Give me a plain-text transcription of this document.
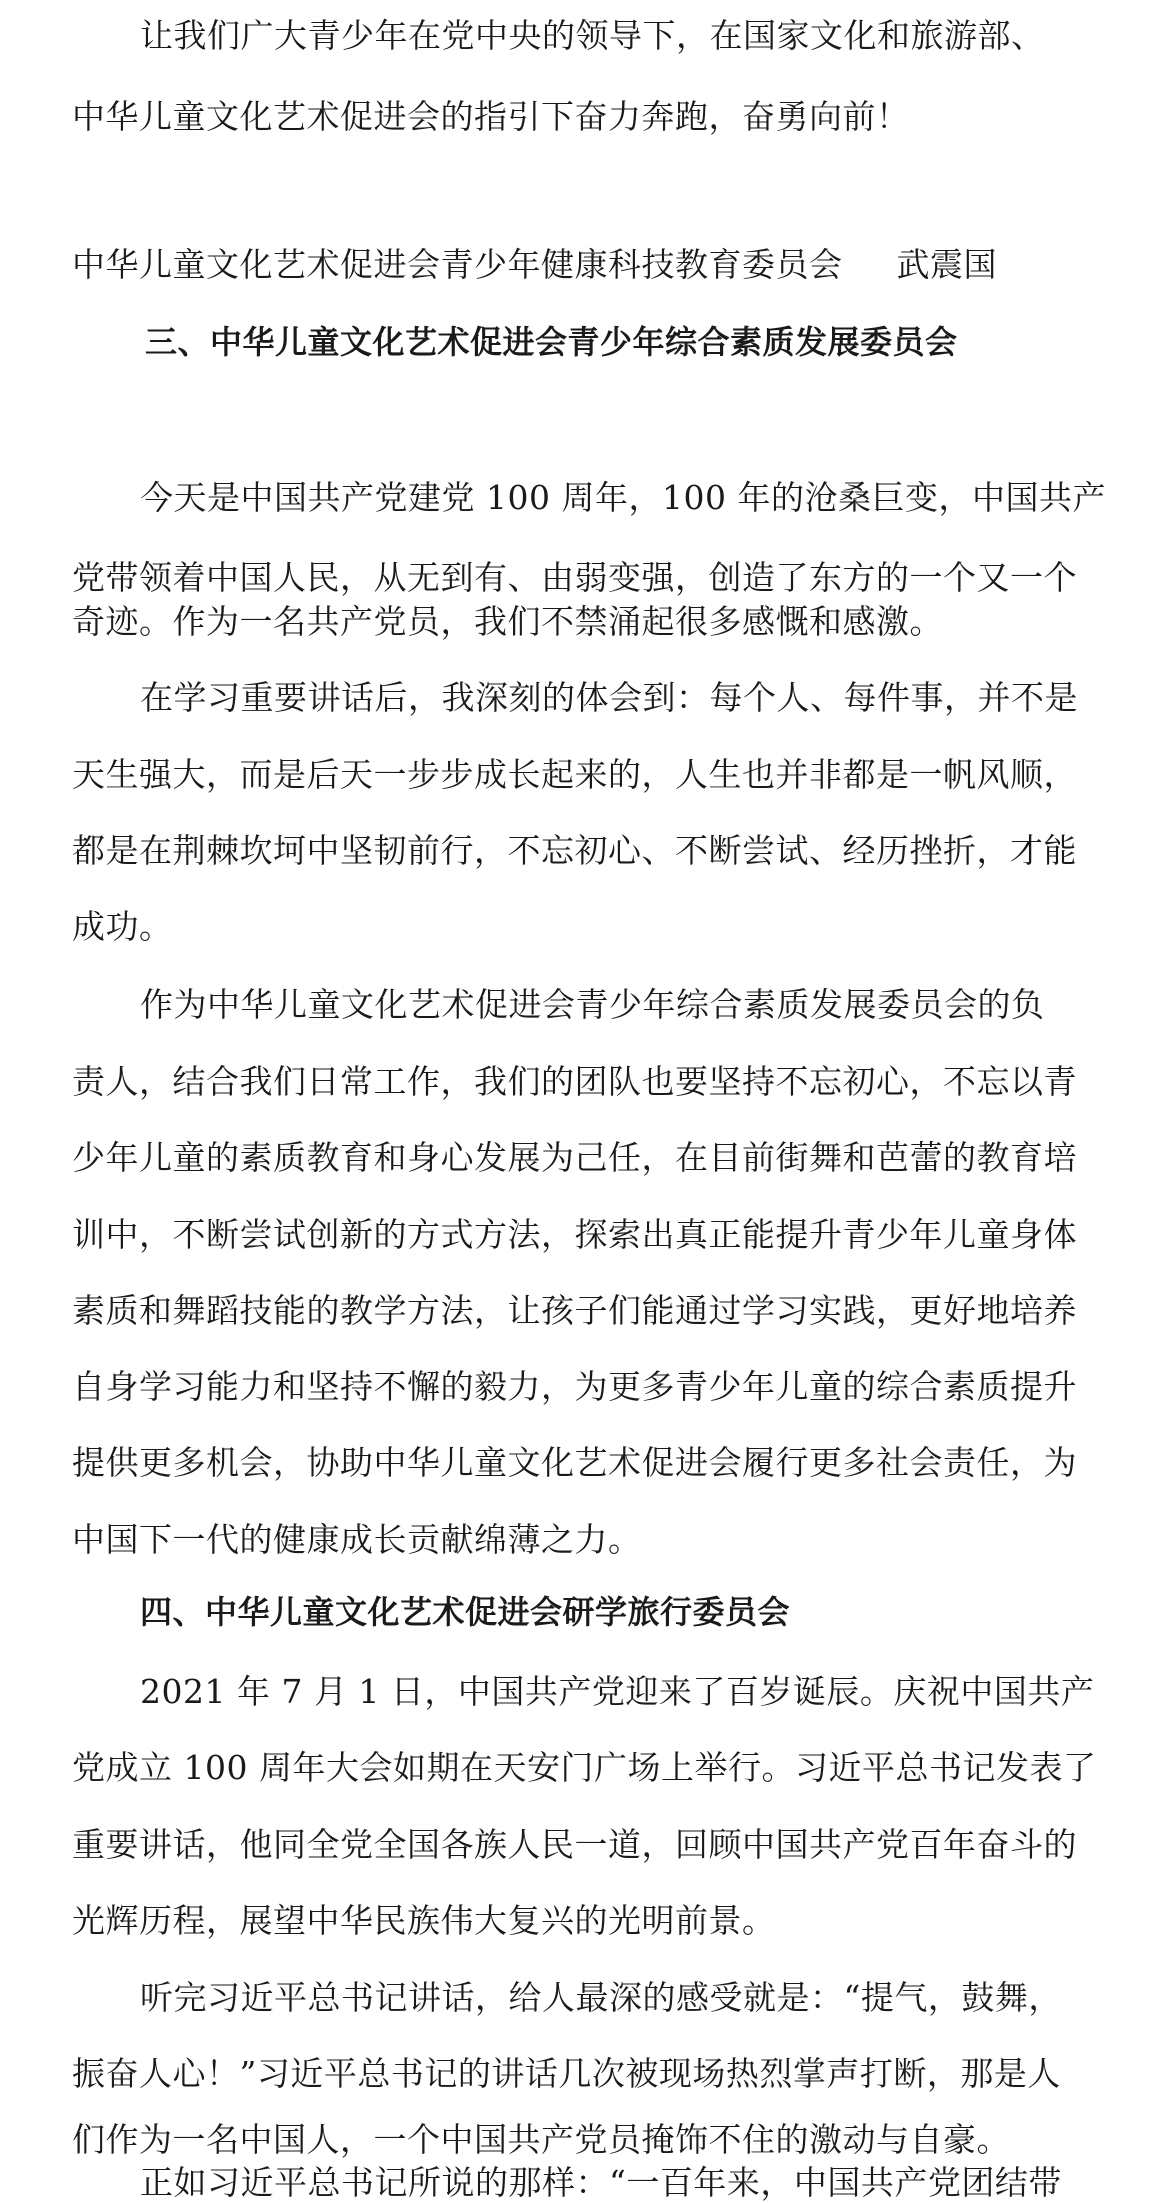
让我们广大青少年在党中央的领导下，在国家文化和旅游部、
中华儿童文化艺术促进会的指引下奋力奔跑，奋勇向前！
中华儿童文化艺术促进会青少年健康科技教育委员会 武震国
三、中华儿童文化艺术促进会青少年综合素质发展委员会
今天是中国共产党建党 100 周年，100 年的沧桑巨变，中国共产
党带领着中国人民，从无到有、由弱变强，创造了东方的一个又一个
奇迹。作为一名共产党员，我们不禁涌起很多感慨和感激。
在学习重要讲话后，我深刻的体会到：每个人、每件事，并不是
天生强大，而是后天一步步成长起来的，人生也并非都是一帆风顺，
都是在荆棘坎坷中坚韧前行，不忘初心、不断尝试、经历挫折，才能
成功。
作为中华儿童文化艺术促进会青少年综合素质发展委员会的负
责人，结合我们日常工作，我们的团队也要坚持不忘初心，不忘以青
少年儿童的素质教育和身心发展为己任，在目前街舞和芭蕾的教育培
训中，不断尝试创新的方式方法，探索出真正能提升青少年儿童身体
素质和舞蹈技能的教学方法，让孩子们能通过学习实践，更好地培养
自身学习能力和坚持不懈的毅力，为更多青少年儿童的综合素质提升
提供更多机会，协助中华儿童文化艺术促进会履行更多社会责任，为
中国下一代的健康成长贡献绵薄之力。
四、中华儿童文化艺术促进会研学旅行委员会
2021 年 7 月 1 日，中国共产党迎来了百岁诞辰。庆祝中国共产
党成立 100 周年大会如期在天安门广场上举行。习近平总书记发表了
重要讲话，他同全党全国各族人民一道，回顾中国共产党百年奋斗的
光辉历程，展望中华民族伟大复兴的光明前景。
听完习近平总书记讲话，给人最深的感受就是：“提气，鼓舞，
振奋人心！”习近平总书记的讲话几次被现场热烈掌声打断，那是人
们作为一名中国人，一个中国共产党员掩饰不住的激动与自豪。
正如习近平总书记所说的那样：“一百年来，中国共产党团结带
